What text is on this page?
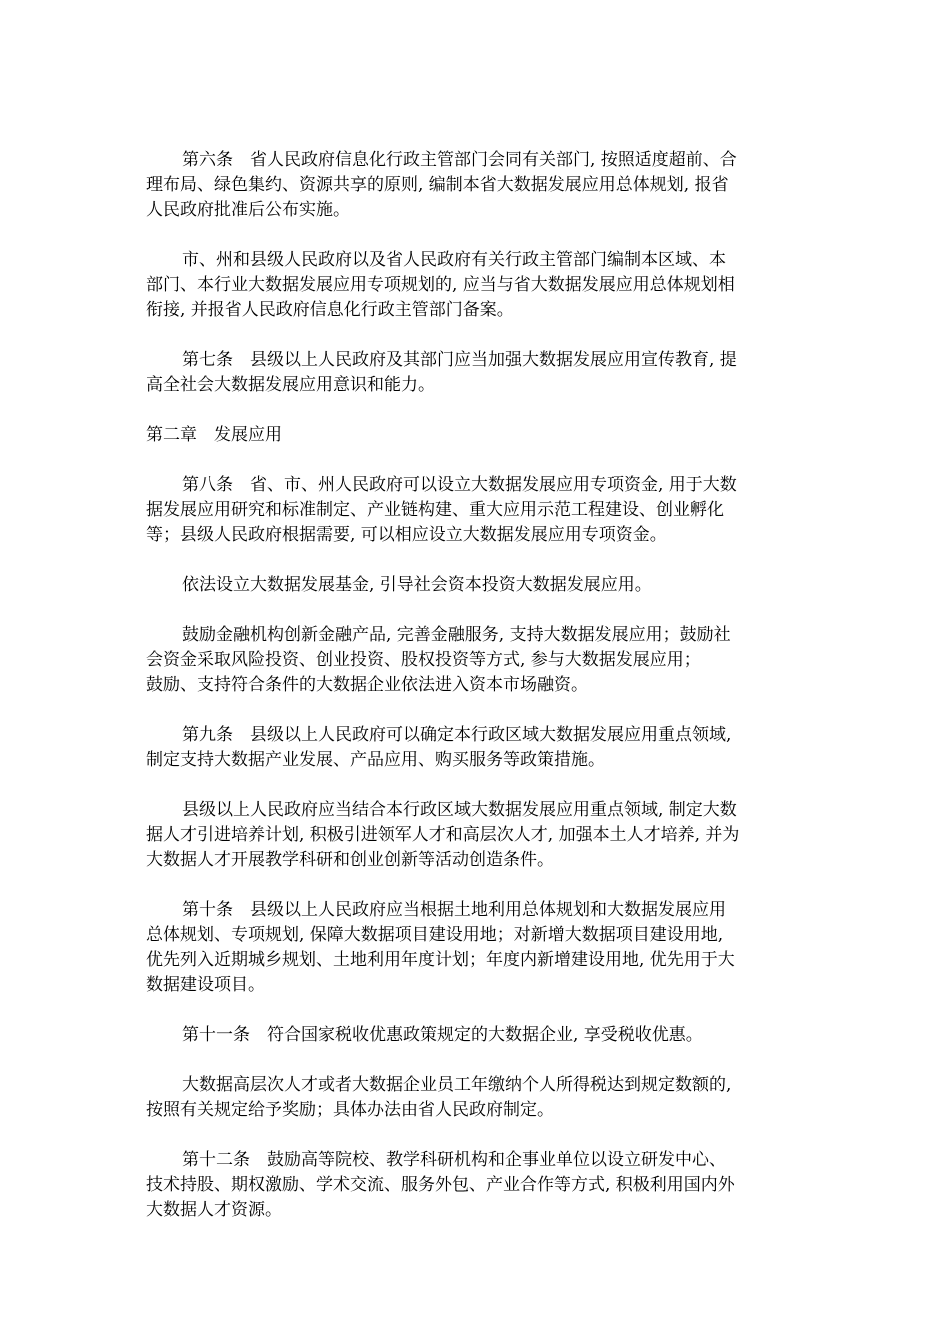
第六条　省人民政府信息化行政主管部门会同有关部门, 按照适度超前、合
理布局、绿色集约、资源共享的原则, 编制本省大数据发展应用总体规划, 报省
人民政府批准后公布实施。
市、州和县级人民政府以及省人民政府有关行政主管部门编制本区域、本
部门、本行业大数据发展应用专项规划的, 应当与省大数据发展应用总体规划相
衔接, 并报省人民政府信息化行政主管部门备案。
第七条　县级以上人民政府及其部门应当加强大数据发展应用宣传教育, 提
高全社会大数据发展应用意识和能力。
第二章　发展应用
第八条　省、市、州人民政府可以设立大数据发展应用专项资金, 用于大数
据发展应用研究和标准制定、产业链构建、重大应用示范工程建设、创业孵化
等；县级人民政府根据需要, 可以相应设立大数据发展应用专项资金。
依法设立大数据发展基金, 引导社会资本投资大数据发展应用。
鼓励金融机构创新金融产品, 完善金融服务, 支持大数据发展应用；鼓励社
会资金采取风险投资、创业投资、股权投资等方式, 参与大数据发展应用；
鼓励、支持符合条件的大数据企业依法进入资本市场融资。
第九条　县级以上人民政府可以确定本行政区域大数据发展应用重点领域,
制定支持大数据产业发展、产品应用、购买服务等政策措施。
县级以上人民政府应当结合本行政区域大数据发展应用重点领域, 制定大数
据人才引进培养计划, 积极引进领军人才和高层次人才, 加强本土人才培养, 并为
大数据人才开展教学科研和创业创新等活动创造条件。
第十条　县级以上人民政府应当根据土地利用总体规划和大数据发展应用
总体规划、专项规划, 保障大数据项目建设用地；对新增大数据项目建设用地,
优先列入近期城乡规划、土地利用年度计划；年度内新增建设用地, 优先用于大
数据建设项目。
第十一条　符合国家税收优惠政策规定的大数据企业, 享受税收优惠。
大数据高层次人才或者大数据企业员工年缴纳个人所得税达到规定数额的,
按照有关规定给予奖励；具体办法由省人民政府制定。
第十二条　鼓励高等院校、教学科研机构和企事业单位以设立研发中心、
技术持股、期权激励、学术交流、服务外包、产业合作等方式, 积极利用国内外
大数据人才资源。
